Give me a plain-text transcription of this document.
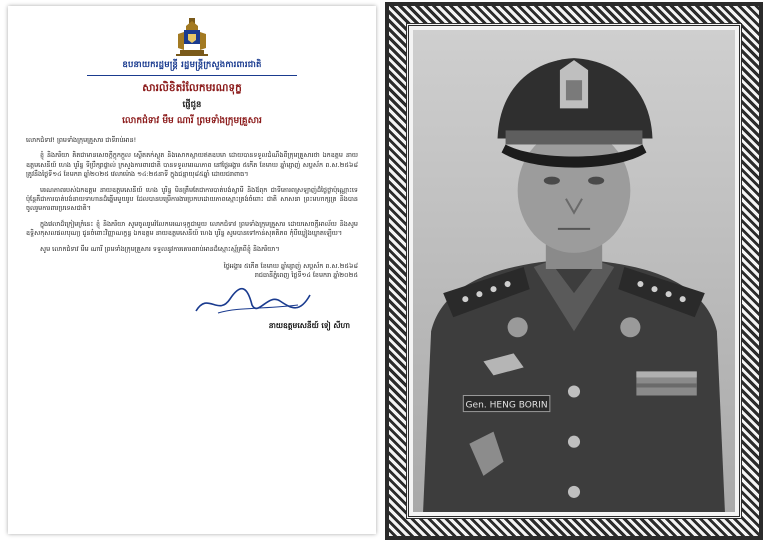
ឧបនាយករដ្ឋមន្ត្រី រដ្ឋមន្ត្រីក្រសួងការពារជាតិ
សារលិខិតរំលែកមរណទុក្ខ
ផ្ញើជូន
លោកជំទាវ មឹម ណារី ព្រមទាំងក្រុមគ្រួសារ
លោកជំទាវ! ព្រមទាំងក្រុមគ្រួសារ ជាទីរាប់អាន!
ខ្ញុំ និងភរិយា គិតជាមានសេចក្តីក្តុកក្តួល ស្ងើតតក់ស្លុត និងសោកស្តាយឥតឧបមា ដោយបានទទួលដំណឹងពីក្រុមគ្រួសារថា ឯកឧត្តម នាយឧត្តមសេនីយ៍ ហេង បូរិន្ទ ទីប្រឹក្សាផ្ទាល់ ក្រសួងការពារជាតិ បានទទួលមរណភាព នៅថ្ងៃអង្គារ ៥កើត ខែមាឃ ឆ្នាំម្សាញ់ សប្តស័ក ព.ស.២៥៦៨ ត្រូវនឹងថ្ងៃទី១៤ ខែមករា ឆ្នាំ២០២៥ វេលាម៉ោង ១៤:២៥នាទី ក្នុងជន្មាយុ៨៥ឆ្នាំ ដោយជរាពាធ។
មរណភាពរបស់ឯកឧត្តម នាយឧត្តមសេនីយ៍ ហេង បូរិន្ទ មិនត្រឹមតែជាការបាត់បង់ស្វាមី និងឪពុក ជាទីគោរពស្រឡាញ់ដ៏ថ្លៃថ្លាប៉ុណ្ណោះទេ ប៉ុន្តែគឺជាការបាត់បង់នាយទាហានដ៏ឆ្នើមមួយរូប ដែលបានបម្រើការងារប្រកបដោយភាពស្មោះត្រង់ចំពោះ ជាតិ សាសនា ព្រះមហាក្សត្រ និងបានចូលរួមការពារប្រទេសជាតិ។
ក្នុងវេលាដ៏ក្រៀមក្រំនេះ ខ្ញុំ និងភរិយា សូមចូលរួមរំលែកមរណទុក្ខជាមួយ លោកជំទាវ ព្រមទាំងក្រុមគ្រួសារ ដោយសេចក្តីអាល័យ និងសូមឧទ្ទិសកុសលផលបុណ្យ ជូនចំពោះវិញ្ញាណក្ខន្ធ ឯកឧត្តម នាយឧត្តមសេនីយ៍ ហេង បូរិន្ទ សូមបានទៅកាន់សុគតិភព កុំបីឃ្លៀងឃ្លាតឡើយ។
សូម លោកជំទាវ មឹម ណារី ព្រមទាំងក្រុមគ្រួសារ ទទួលនូវការគោរពរាប់អានដ៏ស្មោះស្ម័គ្រពីខ្ញុំ និងភរិយា។
ថ្ងៃអង្គារ ៥កើត ខែមាឃ ឆ្នាំម្សាញ់ សប្តស័ក ព.ស.២៥៦៨
រាជធានីភ្នំពេញ ថ្ងៃទី១៤ ខែមករា ឆ្នាំ២០២៥
នាយឧត្តមសេនីយ៍ ទៀ សីហា
Gen. HENG BORIN
